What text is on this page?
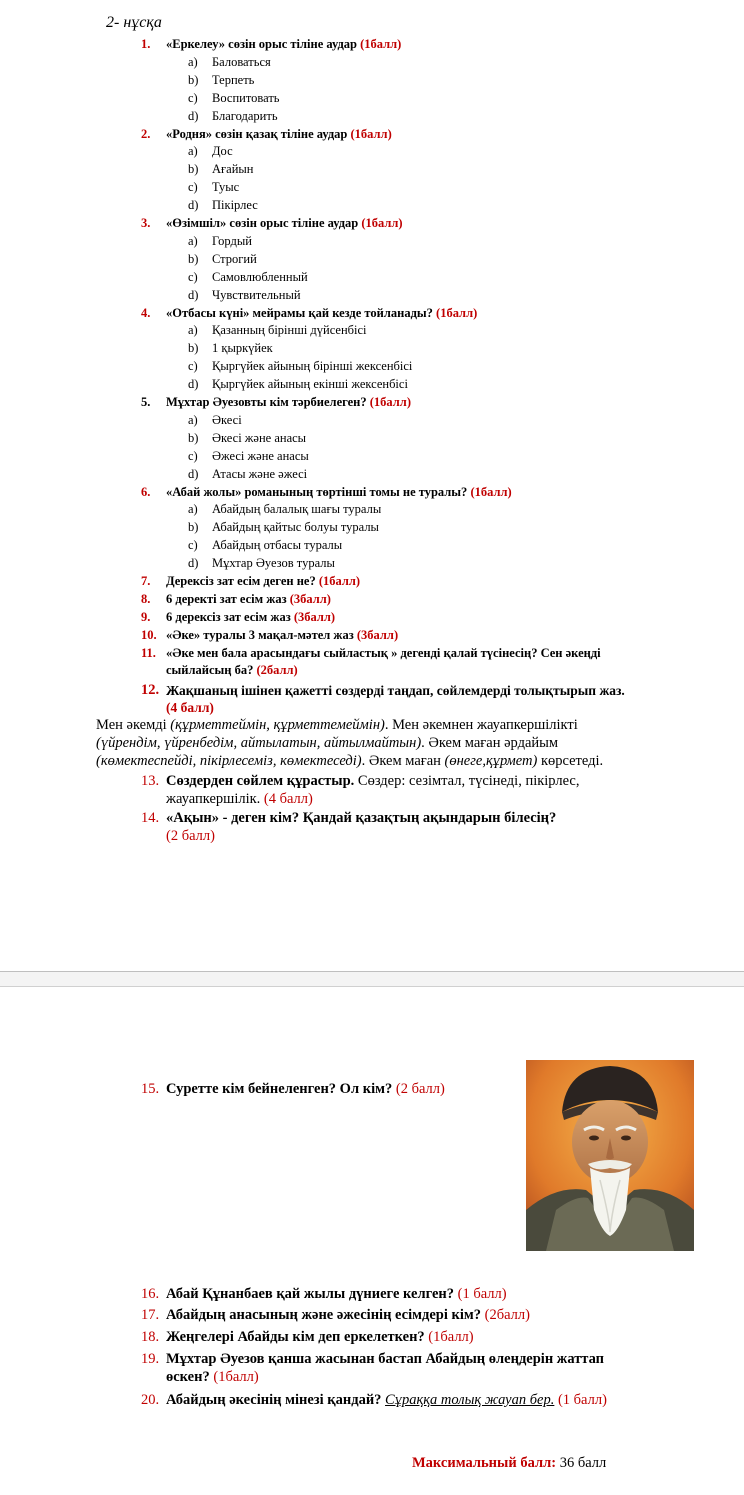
2- нұсқа
1.	«Еркелеу» сөзін орыс тіліне аудар (1балл)
a) Баловаться
b) Терпеть
c) Воспитовать
d) Благодарить
2.	«Родня» сөзін қазақ тіліне аудар (1балл)
a) Дос
b) Ағайын
c) Туыс
d) Пікірлес
3.	«Өзімшіл» сөзін орыс тіліне аудар (1балл)
a) Гордый
b) Строгий
c) Самовлюбленный
d) Чувствительный
4.	«Отбасы күні» мейрамы қай кезде тойланады? (1балл)
a) Қазанның бірінші дүйсенбісі
b) 1 қыркүйек
c) Қыргүйек айының бірінші жексенбісі
d) Қыргүйек айының екінші жексенбісі
5.	Мұхтар Әуезовты кім тәрбиелеген? (1балл)
a) Әкесі
b) Әкесі және анасы
c) Әжесі және анасы
d) Атасы және әжесі
6.	«Абай жолы» романының төртінші томы не туралы? (1балл)
a) Абайдың балалық шағы туралы
b) Абайдың қайтыс болуы туралы
c) Абайдың отбасы туралы
d) Мұхтар Әуезов туралы
7.	Дерексіз зат есім деген не? (1балл)
8.	6 деректі зат есім жаз (3балл)
9.	6 дерексіз зат есім жаз (3балл)
10. «Әке» туралы 3 мақал-мәтел жаз (3балл)
11. «Әке мен бала арасындағы сыйластық » дегенді қалай түсінесің? Сен әкеңді
сыйлайсың ба? (2балл)
12. Жақшаның ішінен қажетті сөздерді таңдап, сөйлемдерді толықтырып жаз.
(4 балл)
Мен әкемді (құрметтеймін, құрметтемеймін). Мен әкемнен жауапкершілікті
(үйрендім, үйренбедім, айтылатын, айтылмайтын). Әкем маған әрдайым
(көмектеспейді, пікірлесеміз, көмектеседі). Әкем маған (өнеге,құрмет) көрсетеді.
13. Сөздерден сөйлем құрастыр. Сөздер: сезімтал, түсінеді, пікірлес,
жауапкершілік. (4 балл)
14. «Ақын» - деген кім? Қандай қазақтың ақындарын білесің?
(2 балл)
15. Суретте кім бейнеленген? Ол кім? (2 балл)
16. Абай Құнанбаев қай жылы дүниеге келген? (1 балл)
17. Абайдың анасының және әжесінің есімдері кім? (2балл)
18. Жеңгелері Абайды кім деп еркелеткен? (1балл)
19. Мұхтар Әуезов қанша жасынан бастап Абайдың өлеңдерін жаттап
өскен? (1балл)
20. Абайдың әкесінің мінезі қандай? Сұраққа толық жауап бер. (1 балл)
Максимальный балл: 36 балл
